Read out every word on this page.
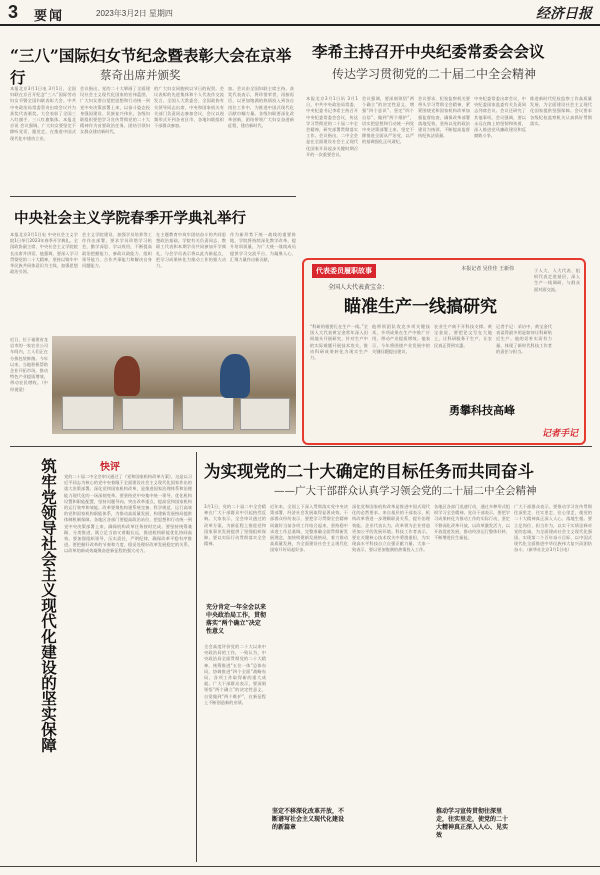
3 要闻	2023年3月2日 星期四	经济日报
“三八”国际妇女节纪念暨表彰大会在京举行	蔡奇出席并颁奖
本报北京3月1日电 3月1日，全国妇联在京召开纪念“三八”国际劳动妇女节暨全国妇联表彰大会。中共中央政治局常委蔡奇出席会议并为获奖代表颁奖。大会表彰了全国三八红旗手、三八红旗集体。本报北京讯 会议强调，广大妇女要坚定不移听党话、跟党走，在推进中国式现代化中建功立业。
会议指出，党的二十大擘画了全面建设社会主义现代化国家的宏伟蓝图，广大妇女要自觉把思想和行动统一到党中央决策部署上来，以奋斗姿态投身强国建设、民族复兴伟业。各级妇联组织要把学习宣传贯彻党的二十大精神作为首要政治任务，团结引领妇女群众建功新时代。
的广大妇女同胞致以节日的祝贺。会议表彰的先进集体和个人代表作交流发言。全国人大常委会、全国政协有关领导同志出席。中央和国家机关有关部门负责同志参加会议，会议以视频形式开到各省区市，各地妇联组织干部群众参加。
加。会议由全国妇联主席主持。获奖代表表示，将珍惜荣誉，再接再厉，以更加饱满的热情投入到各自岗位工作中，为推进中国式现代化贡献巾帼力量。各级妇联要深化改革创新，团结带领广大妇女奋进新征程、建功新时代。
中央社会主义学院春季开学典礼举行
本报北京3月1日电 中央社会主义学院1日举行2023年春季开学典礼。全国政协副主席、中央社会主义学院院长出席并讲话。他强调，要深入学习贯彻党的二十大精神，坚持以铸牢中华民族共同体意识为主线，加强思想政治引领。
会主义学院建设、加强学员培养等工作作出部署，要求学员珍惜学习机会，勤学深思、学以致用，不断提高政治把握能力、参政议政能力、组织领导能力、合作共事能力和解决自身问题能力。
在主题教育中筑牢团结奋斗的共同思想政治基础。学院有关负责同志、教职工代表和本期学员共同参加开学典礼，与会学员表示将以此为新起点，把学习成果转化为推动工作的强大动力。
作为新形势下统一战线的重要阵地，学院将持续深化教学改革，提升培训质量，为广大统一战线成员提供学习交流平台，为凝聚人心、汇聚力量作出新贡献。
近日，位于福建省龙岩市的一家农业公司车间内，工人们正在分拣包装鲜菌。今年以来，当地积极帮助企业开拓市场，推动特色产业提质增效，带动农民增收。（中经视觉）
李希主持召开中央纪委常委会会议
传达学习贯彻党的二十届二中全会精神
本报北京3月1日讯 3月1日，中共中央政治局常委、中央纪委书记李希主持召开中央纪委常委会会议，传达学习贯彻党的二十届二中全会精神，研究部署贯彻落实工作。会议指出，二中全会是在全面建设社会主义现代化国家开局起步关键时期召开的一次重要会议。
会议强调，要深刻领悟“两个确立”的决定性意义，增强“四个意识”、坚定“四个自信”、做到“两个维护”，切实把思想和行动统一到党中央决策部署上来，坚定不移推进全面从严治党，以严的基调强化正风肃纪。
会议要求，纪检监察机关要带头学习贯彻全会精神，紧紧围绕党和国家机构改革加强监督检查，确保改革部署落地见效，坚持以党的政治建设为统领，不断提高监督执纪执法质量。
中央纪委常委出席会议，中央纪委国家监委有关负责同志列席会议。会议还研究了其他事项。会议强调，要以永远在路上的坚韧和执着，深入推进党风廉政建设和反腐败斗争。
推进新时代纪检监察工作高质量发展，为全面建设社会主义现代化国家提供坚强保障。会议要求各级纪检监察机关认真抓好贯彻落实。
代表委员履职故事	本报记者 吴佳佳 王新伟
全国人大代表黄宝金：
瞄准生产一线搞研究
“科研的根要扎在生产一线。”全国人大代表黄宝金常年深入田间地头开展研究，针对生产中的实际难题开展技术攻关，推动科研成果转化为现实生产力。
他带领团队攻克多项关键技术，多项成果在生产中推广应用，带动产业提质增效。他表示，今年将围绕产业发展中的关键问题提出建议。
农业生产离不开科技支撑。黄宝金说，要把论文写在大地上，让科研服务于生产，让农民真正得到实惠。
勇攀科技高峰
记者手记：采访中，黄宝金代表谈得最多的是如何让科研贴近生产。他的话朴实而有力量，体现了新时代科技工作者的责任与担当。
于人大、人大代表、组织代表走进基层，深入生产一线调研，与群众面对面交流。
记者手记
筑牢党领导社会主义现代化建设的坚实保障	快评
党的二十届二中全会审议通过了《党和国家机构改革方案》，这是以习近平同志为核心的党中央着眼于全面建设社会主义现代化国家作出的重大决策部署。深化党和国家机构改革，是推进国家治理体系和治理能力现代化的一场深刻变革。要坚持党中央集中统一领导，优化机构设置和职能配置，坚持问题导向，突出改革重点，提高党和国家机构的运行效率和效能。改革要聚焦构建系统完备、科学规范、运行高效的党和国家机构职能体系，为推动高质量发展、构建新发展格局提供体制机制保障。各地区各部门要提高政治站位，把思想和行动统一到党中央决策部署上来，确保机构改革任务按时完成。要坚持统筹兼顾、分类推进，既立足当前又着眼长远，推进机构职能优化协同高效。要加强组织领导，压实责任，严明纪律，确保改革平稳有序推进。要把握好改革的节奏和力度，稳妥处理好改革发展稳定的关系，以改革的新成效凝聚奋进新征程的强大动力。
为实现党的二十大确定的目标任务而共同奋斗
——广大干部群众认真学习领会党的二十届二中全会精神
3月1日，党的二十届二中全会精神在广大干部群众中引起热烈反响。大家表示，全会审议通过的改革方案，为新征程上推进党和国家事业发展提供了坚强组织保障，要以实际行动贯彻落实全会精神。
充分肯定一年全会以来中央政治局工作，贯彻落实“两个确立”决定性意义
全会高度评价党的二十大以来中央政治局的工作，一致认为，中央政治局全面贯彻党的二十大精神，统筹推进“五位一体”总体布局，协调推进“四个全面”战略布局，各项工作取得新的重大成就。广大干部群众表示，要深刻领悟“两个确立”的决定性意义，自觉做到“两个维护”，在新征程上不断创造新的业绩。
近年来，全国上下深入贯彻落实党中央决策部署，经济社会发展取得显著成效。干部群众纷纷表示，要把学习贯彻全会精神同做好当前各项工作结合起来，坚持稳中求进工作总基调，完整准确全面贯彻新发展理念，加快构建新发展格局，着力推动高质量发展，为全面建设社会主义现代化国家开好局起好步。
坚定不移深化改革开放，不断谱写社会主义现代化建设的新篇章
深化党和国家机构改革是推进中国式现代化的必然要求。来自基层的干部表示，机构改革将进一步理顺职责关系，提升治理效能。企业代表认为，改革将为企业营造更加公平的发展环境。科技工作者表示，要在关键核心技术攻关中勇挑重担，为实现高水平科技自立自强贡献力量。大家一致表示，要以更加饱满的热情投入工作。
各地区各部门迅速行动，通过多种形式组织学习全会精神。党员干部表示，要把学习成果转化为推动工作的实际行动，坚定不移深化改革开放，以改革激发活力，以开放促进发展，推动经济运行整体好转，不断增进民生福祉。
推动学习宣传贯彻往深里走，往实里走，使党的二十大精神真正深入人心、见实效
广大干部群众表示，要推动学习宣传贯彻往深里走、往实里走、往心里走，使党的二十大精神真正深入人心、落地生根。要立足岗位、担当作为，以实干实绩诠释对党的忠诚，为全面建成社会主义现代化强国、实现第二个百年奋斗目标、以中国式现代化全面推进中华民族伟大复兴而团结奋斗。（新华社北京3月1日电）
